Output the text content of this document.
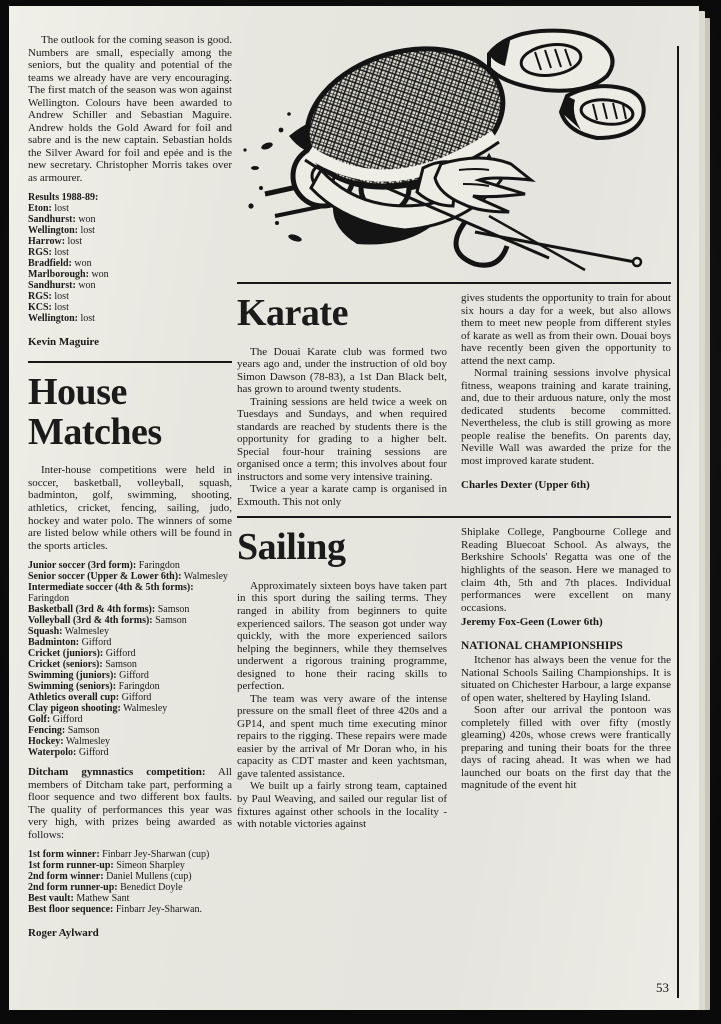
53

The outlook for the coming season is good. Numbers are small, especially among the seniors, but the quality and potential of the teams we already have are very encouraging. The first match of the season was won against Wellington. Colours have been awarded to Andrew Schiller and Sebastian Maguire. Andrew holds the Gold Award for foil and sabre and is the new captain. Sebastian holds the Silver Award for foil and epée and is the new secretary. Christopher Morris takes over as armourer.

Results 1988-89:
Eton: lost
Sandhurst: won
Wellington: lost
Harrow: lost
RGS: lost
Bradfield: won
Marlborough: won
Sandhurst: won
RGS: lost
KCS: lost
Wellington: lost

Kevin Maguire

House Matches

Inter-house competitions were held in soccer, basketball, volleyball, squash, badminton, golf, swimming, shooting, athletics, cricket, fencing, sailing, judo, hockey and water polo. The winners of some are listed below while others will be found in the sports articles.

Junior soccer (3rd form): Faringdon
Senior soccer (Upper & Lower 6th): Walmesley
Intermediate soccer (4th & 5th forms): Faringdon
Basketball (3rd & 4th forms): Samson
Volleyball (3rd & 4th forms): Samson
Squash: Walmesley
Badminton: Gifford
Cricket (juniors): Gifford
Cricket (seniors): Samson
Swimming (juniors): Gifford
Swimming (seniors): Faringdon
Athletics overall cup: Gifford
Clay pigeon shooting: Walmesley
Golf: Gifford
Fencing: Samson
Hockey: Walmesley
Waterpolo: Gifford

Ditcham gymnastics competition: All members of Ditcham take part, performing a floor sequence and two different box faults. The quality of performances this year was very high, with prizes being awarded as follows:

1st form winner: Finbarr Jey-Sharwan (cup)
1st form runner-up: Simeon Sharpley
2nd form winner: Daniel Mullens (cup)
2nd form runner-up: Benedict Doyle
Best vault: Mathew Sant
Best floor sequence: Finbarr Jey-Sharwan.

Roger Aylward

Karate

The Douai Karate club was formed two years ago and, under the instruction of old boy Simon Dawson (78-83), a 1st Dan Black belt, has grown to around twenty students.

Training sessions are held twice a week on Tuesdays and Sundays, and when required standards are reached by students there is the opportunity for grading to a higher belt. Special four-hour training sessions are organised once a term; this involves about four instructors and some very intensive training.

Twice a year a karate camp is organised in Exmouth. This not only

gives students the opportunity to train for about six hours a day for a week, but also allows them to meet new people from different styles of karate as well as from their own. Douai boys have recently been given the opportunity to attend the next camp.

Normal training sessions involve physical fitness, weapons training and karate training, and, due to their arduous nature, only the most dedicated students become committed. Nevertheless, the club is still growing as more people realise the benefits. On parents day, Neville Wall was awarded the prize for the most improved karate student.

Charles Dexter (Upper 6th)

Sailing

Approximately sixteen boys have taken part in this sport during the sailing terms. They ranged in ability from beginners to quite experienced sailors. The season got under way quickly, with the more experienced sailors helping the beginners, while they themselves underwent a rigorous training programme, designed to hone their racing skills to perfection.

The team was very aware of the intense pressure on the small fleet of three 420s and a GP14, and spent much time executing minor repairs to the rigging. These repairs were made easier by the arrival of Mr Doran who, in his capacity as CDT master and keen yachtsman, gave talented assistance.

We built up a fairly strong team, captained by Paul Weaving, and sailed our regular list of fixtures against other schools in the locality - with notable victories against

Shiplake College, Pangbourne College and Reading Bluecoat School. As always, the Berkshire Schools' Regatta was one of the highlights of the season. Here we managed to claim 4th, 5th and 7th places. Individual performances were excellent on many occasions.

Jeremy Fox-Geen (Lower 6th)

NATIONAL CHAMPIONSHIPS

Itchenor has always been the venue for the National Schools Sailing Championships. It is situated on Chichester Harbour, a large expanse of open water, sheltered by Hayling Island.

Soon after our arrival the pontoon was completely filled with over fifty (mostly gleaming) 420s, whose crews were frantically preparing and tuning their boats for the three days of racing ahead. It was when we had launched our boats on the first day that the magnitude of the event hit
